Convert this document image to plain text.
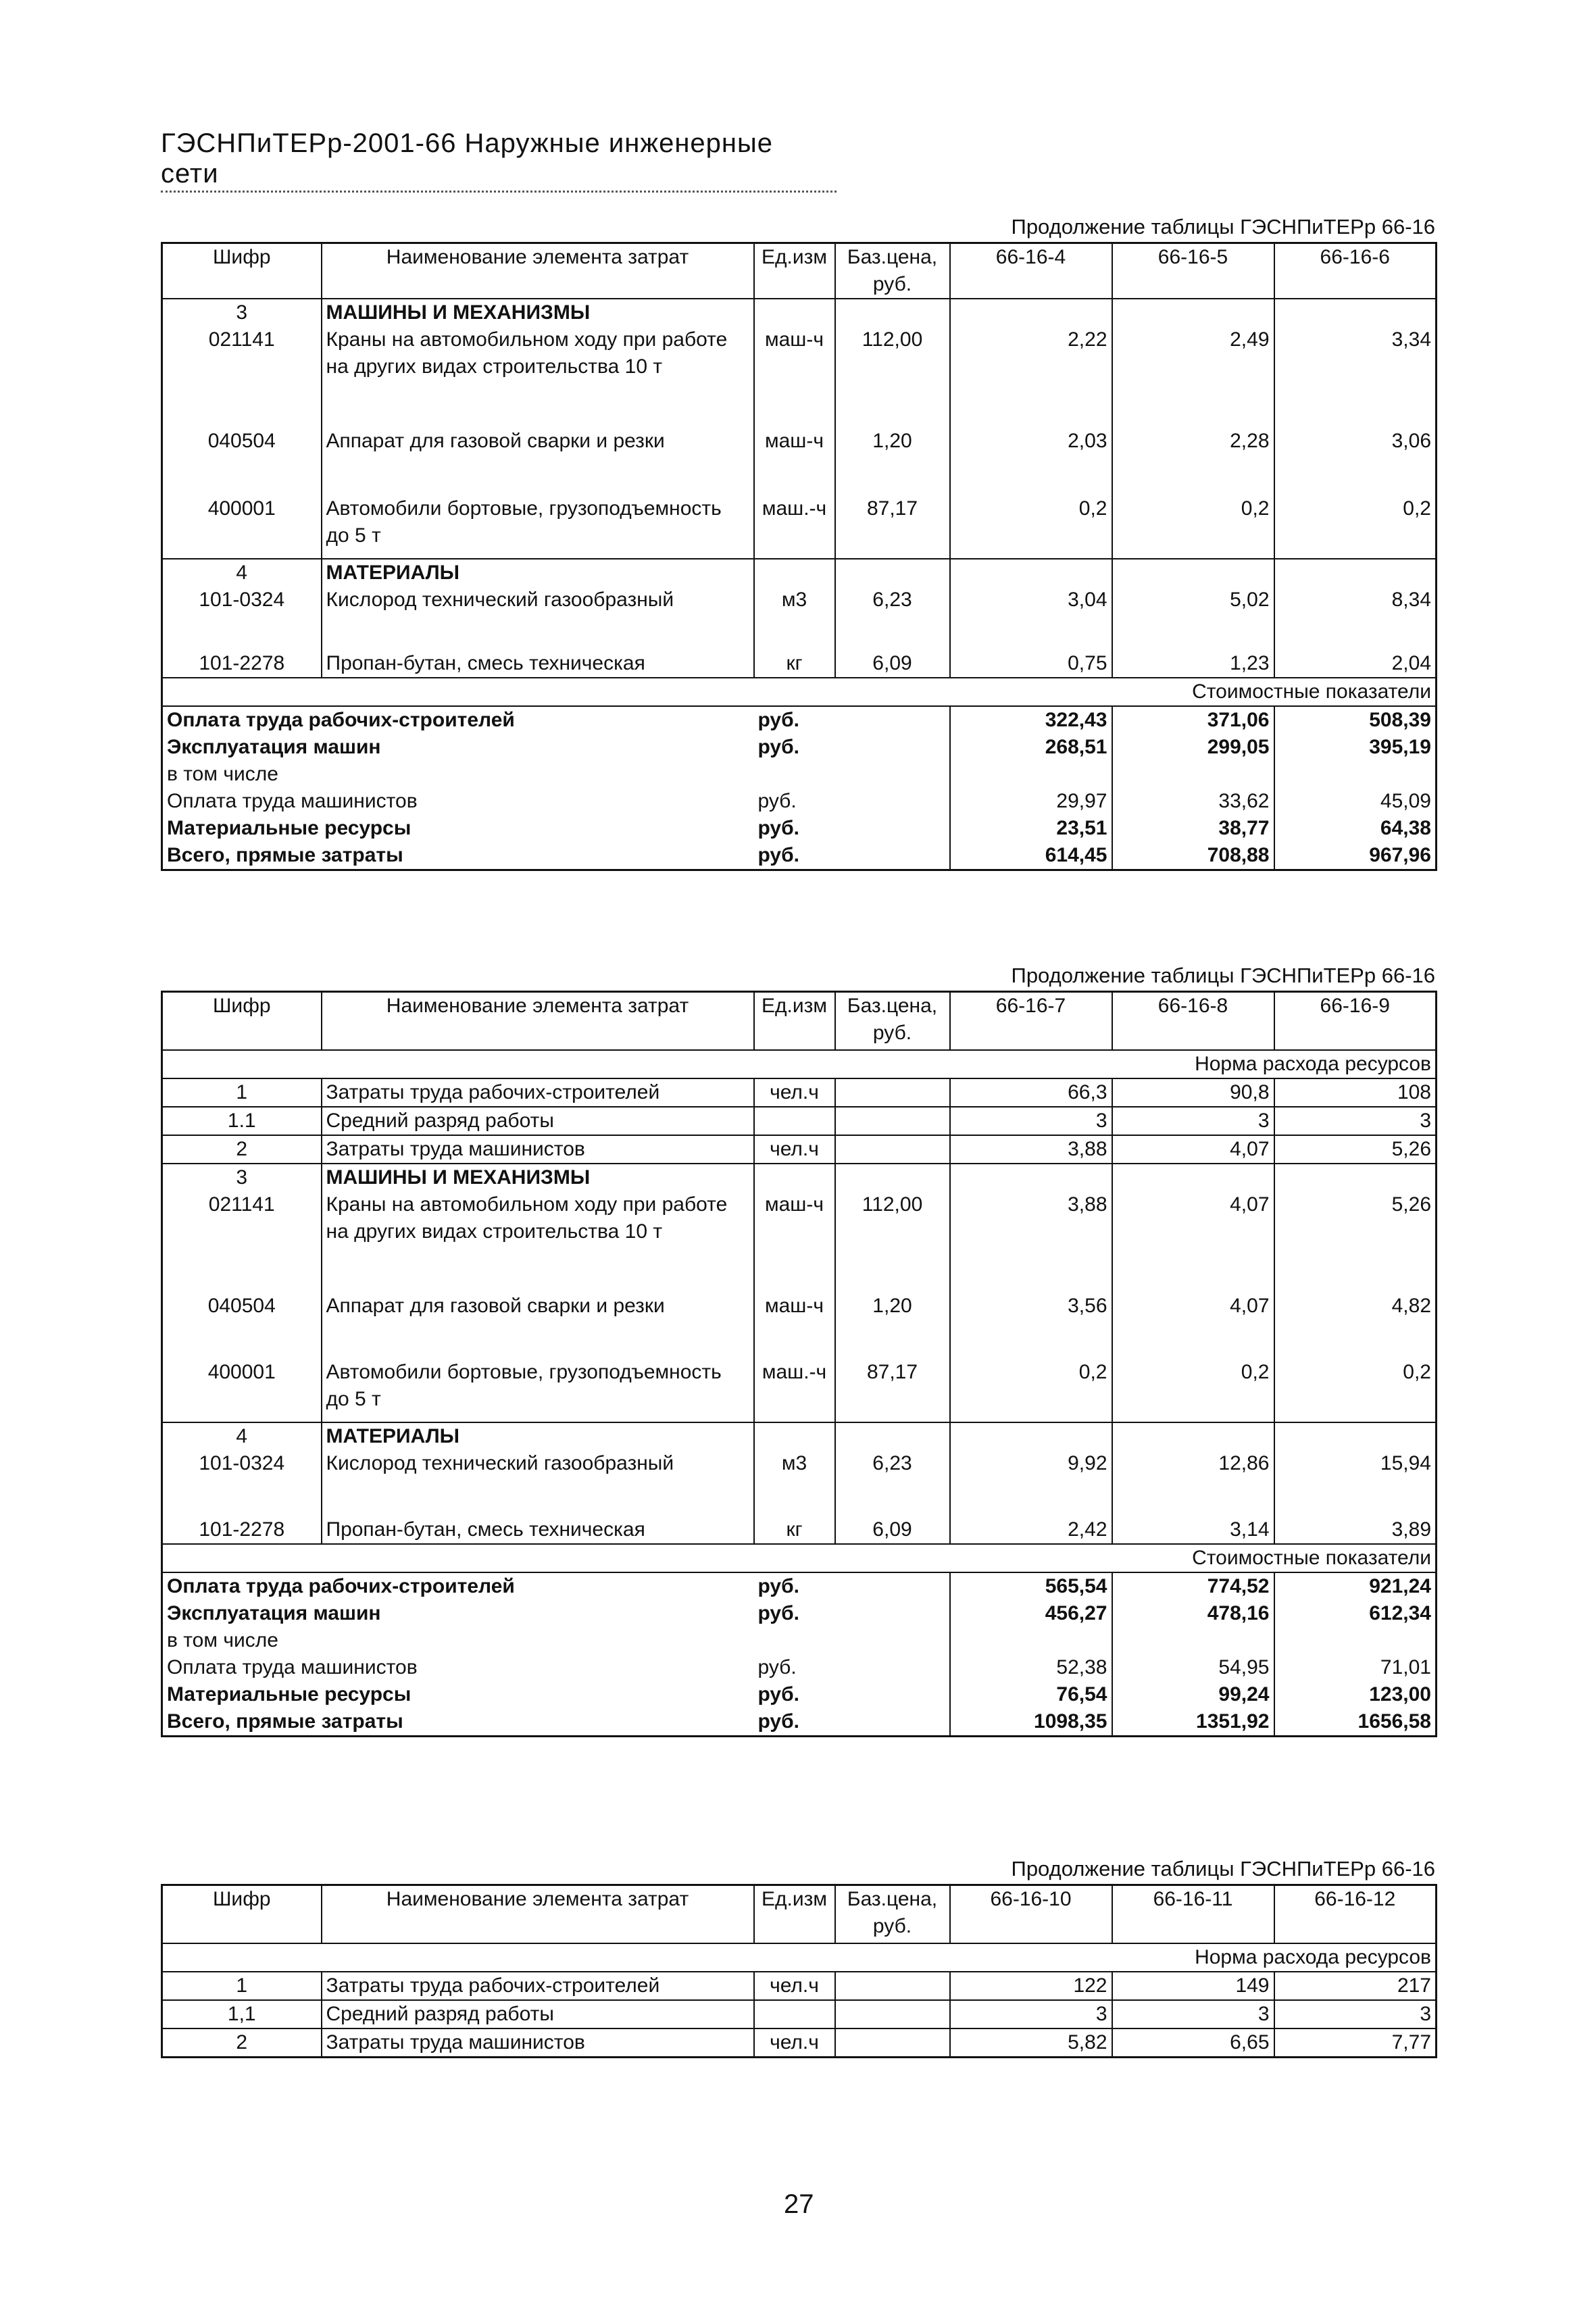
ГЭСНПиТЕРр-2001-66 Наружные инженерные сети
Продолжение таблицы ГЭСНПиТЕРр 66-16
Шифр	Наименование элемента затрат	Ед.изм	Баз.цена, руб.	66-16-4	66-16-5	66-16-6
3	МАШИНЫ И МЕХАНИЗМЫ					
021141	Краны на автомобильном ходу при работе на других видах строительства 10 т	маш-ч	112,00	2,22	2,49	3,34
040504	Аппарат для газовой сварки и резки	маш-ч	1,20	2,03	2,28	3,06
400001	Автомобили бортовые, грузоподъемность до 5 т	маш.-ч	87,17	0,2	0,2	0,2
4	МАТЕРИАЛЫ					
101-0324	Кислород технический газообразный	м3	6,23	3,04	5,02	8,34
101-2278	Пропан-бутан, смесь техническая	кг	6,09	0,75	1,23	2,04
Стоимостные показатели						
Оплата труда рабочих-строителей		руб.		322,43	371,06	508,39
Эксплуатация машин		руб.		268,51	299,05	395,19
в том числе						
Оплата труда машинистов		руб.		29,97	33,62	45,09
Материальные ресурсы		руб.		23,51	38,77	64,38
Всего, прямые затраты		руб.		614,45	708,88	967,96
Продолжение таблицы ГЭСНПиТЕРр 66-16
Шифр	Наименование элемента затрат	Ед.изм	Баз.цена, руб.	66-16-7	66-16-8	66-16-9
Норма расхода ресурсов						
1	Затраты труда рабочих-строителей	чел.ч		66,3	90,8	108
1.1	Средний разряд работы			3	3	3
2	Затраты труда машинистов	чел.ч		3,88	4,07	5,26
3	МАШИНЫ И МЕХАНИЗМЫ					
021141	Краны на автомобильном ходу при работе на других видах строительства 10 т	маш-ч	112,00	3,88	4,07	5,26
040504	Аппарат для газовой сварки и резки	маш-ч	1,20	3,56	4,07	4,82
400001	Автомобили бортовые, грузоподъемность до 5 т	маш.-ч	87,17	0,2	0,2	0,2
4	МАТЕРИАЛЫ					
101-0324	Кислород технический газообразный	м3	6,23	9,92	12,86	15,94
101-2278	Пропан-бутан, смесь техническая	кг	6,09	2,42	3,14	3,89
Стоимостные показатели						
Оплата труда рабочих-строителей		руб.		565,54	774,52	921,24
Эксплуатация машин		руб.		456,27	478,16	612,34
в том числе						
Оплата труда машинистов		руб.		52,38	54,95	71,01
Материальные ресурсы		руб.		76,54	99,24	123,00
Всего, прямые затраты		руб.		1098,35	1351,92	1656,58
Продолжение таблицы ГЭСНПиТЕРр 66-16
Шифр	Наименование элемента затрат	Ед.изм	Баз.цена, руб.	66-16-10	66-16-11	66-16-12
Норма расхода ресурсов						
1	Затраты труда рабочих-строителей	чел.ч		122	149	217
1,1	Средний разряд работы			3	3	3
2	Затраты труда машинистов	чел.ч		5,82	6,65	7,77
27
